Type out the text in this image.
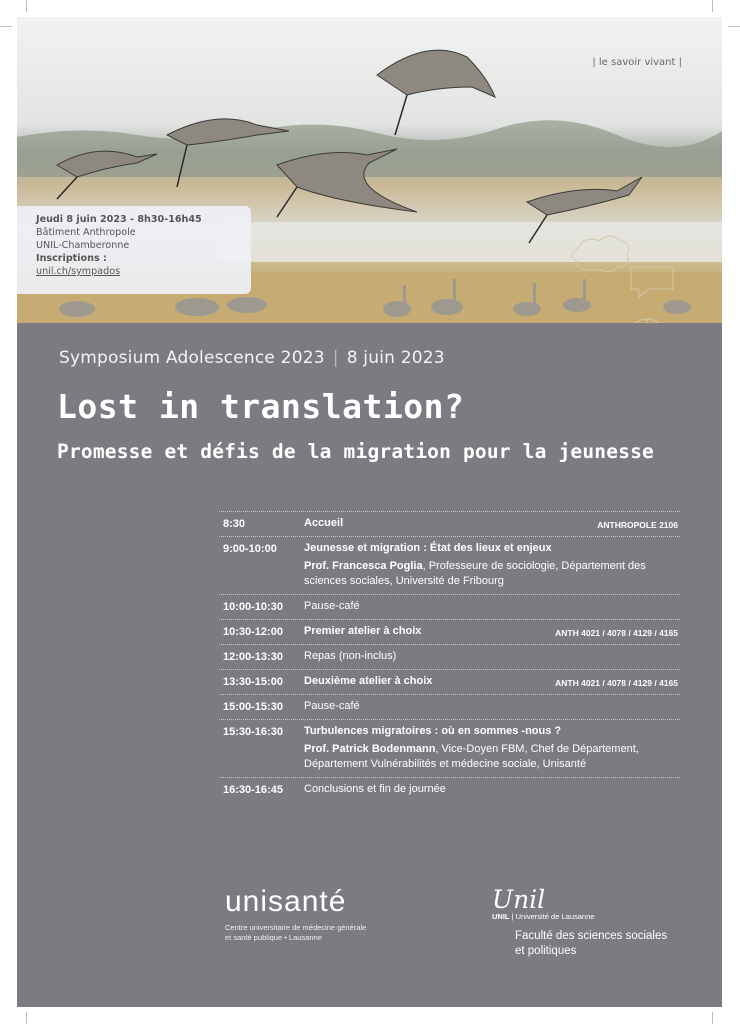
| le savoir vivant |
Jeudi 8 juin 2023 - 8h30-16h45
Bâtiment Anthropole
UNIL-Chamberonne
Inscriptions :
unil.ch/sympados
Symposium Adolescence 2023 | 8 juin 2023
Lost in translation?
Promesse et défis de la migration pour la jeunesse
8:30	Accueil	ANTHROPOLE 2106
9:00-10:00	Jeunesse et migration : État des lieux et enjeux
Prof. Francesca Poglia, Professeure de sociologie, Département des sciences sociales, Université de Fribourg
10:00-10:30	Pause-café
10:30-12:00	Premier atelier à choix	ANTH 4021 / 4078 / 4129 / 4165
12:00-13:30	Repas (non-inclus)
13:30-15:00	Deuxième atelier à choix	ANTH 4021 / 4078 / 4129 / 4165
15:00-15:30	Pause-café
15:30-16:30	Turbulences migratoires : où en sommes -nous ?
Prof. Patrick Bodenmann, Vice-Doyen FBM, Chef de Département, Département Vulnérabilités et médecine sociale, Unisanté
16:30-16:45	Conclusions et fin de journée
unisanté
Centre universitaire de médecine générale
et santé publique • Lausanne
Unil
UNIL | Université de Lausanne
Faculté des sciences sociales
et politiques
